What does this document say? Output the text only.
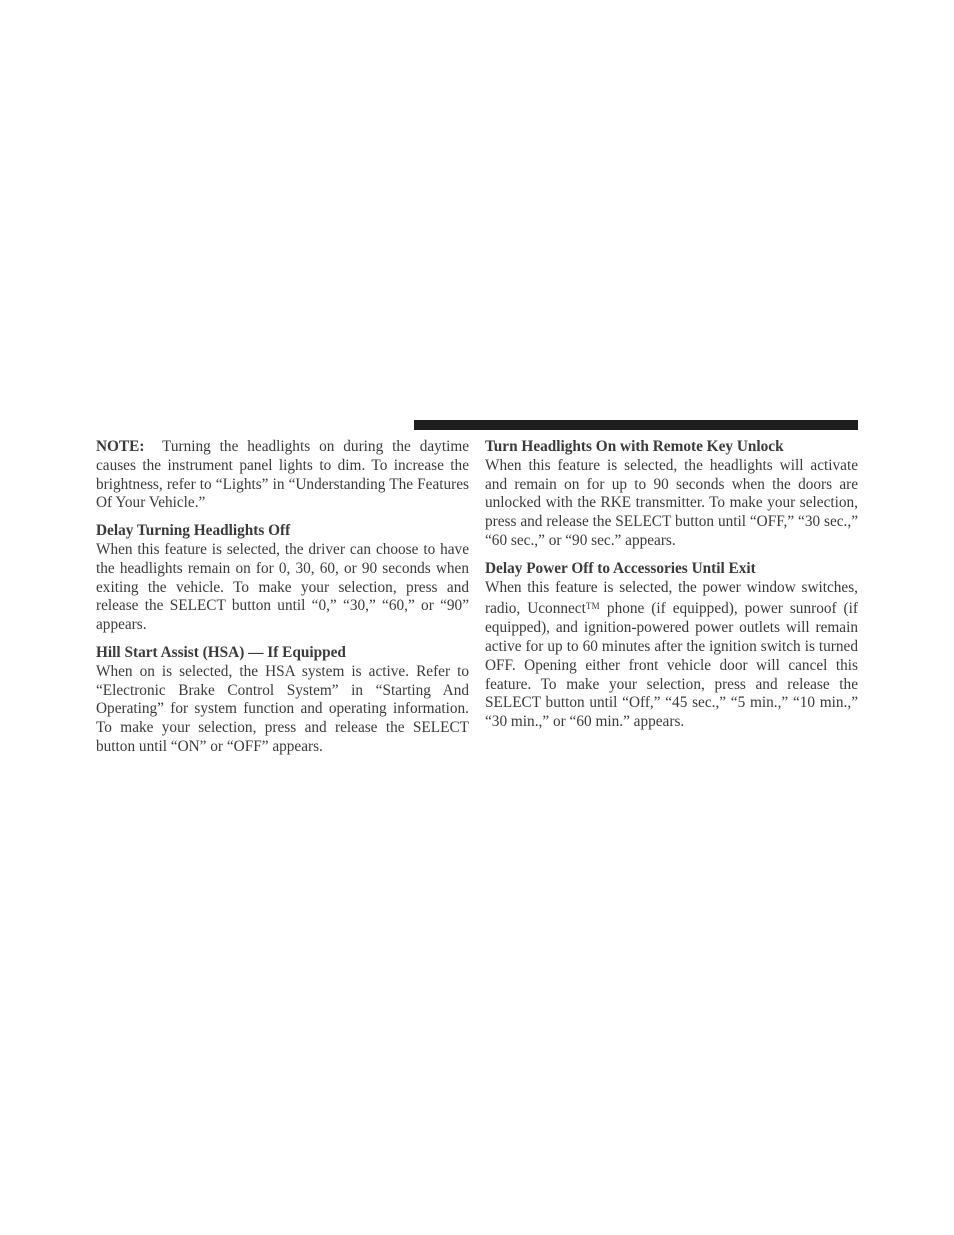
NOTE: Turning the headlights on during the daytime causes the instrument panel lights to dim. To increase the brightness, refer to “Lights” in “Understanding The Features Of Your Vehicle.”

Delay Turning Headlights Off
When this feature is selected, the driver can choose to have the headlights remain on for 0, 30, 60, or 90 seconds when exiting the vehicle. To make your selection, press and release the SELECT button until “0,” “30,” “60,” or “90” appears.
Hill Start Assist (HSA) — If Equipped
When on is selected, the HSA system is active. Refer to “Electronic Brake Control System” in “Starting And Operating” for system function and operating information. To make your selection, press and release the SELECT button until “ON” or “OFF” appears.
Turn Headlights On with Remote Key Unlock
When this feature is selected, the headlights will activate and remain on for up to 90 seconds when the doors are unlocked with the RKE transmitter. To make your selection, press and release the SELECT button until “OFF,” “30 sec.,” “60 sec.,” or “90 sec.” appears.
Delay Power Off to Accessories Until Exit
When this feature is selected, the power window switches, radio, Uconnect™ phone (if equipped), power sunroof (if equipped), and ignition-powered power outlets will remain active for up to 60 minutes after the ignition switch is turned OFF. Opening either front vehicle door will cancel this feature. To make your selection, press and release the SELECT button until “Off,” “45 sec.,” “5 min.,” “10 min.,” “30 min.,” or “60 min.” appears.
